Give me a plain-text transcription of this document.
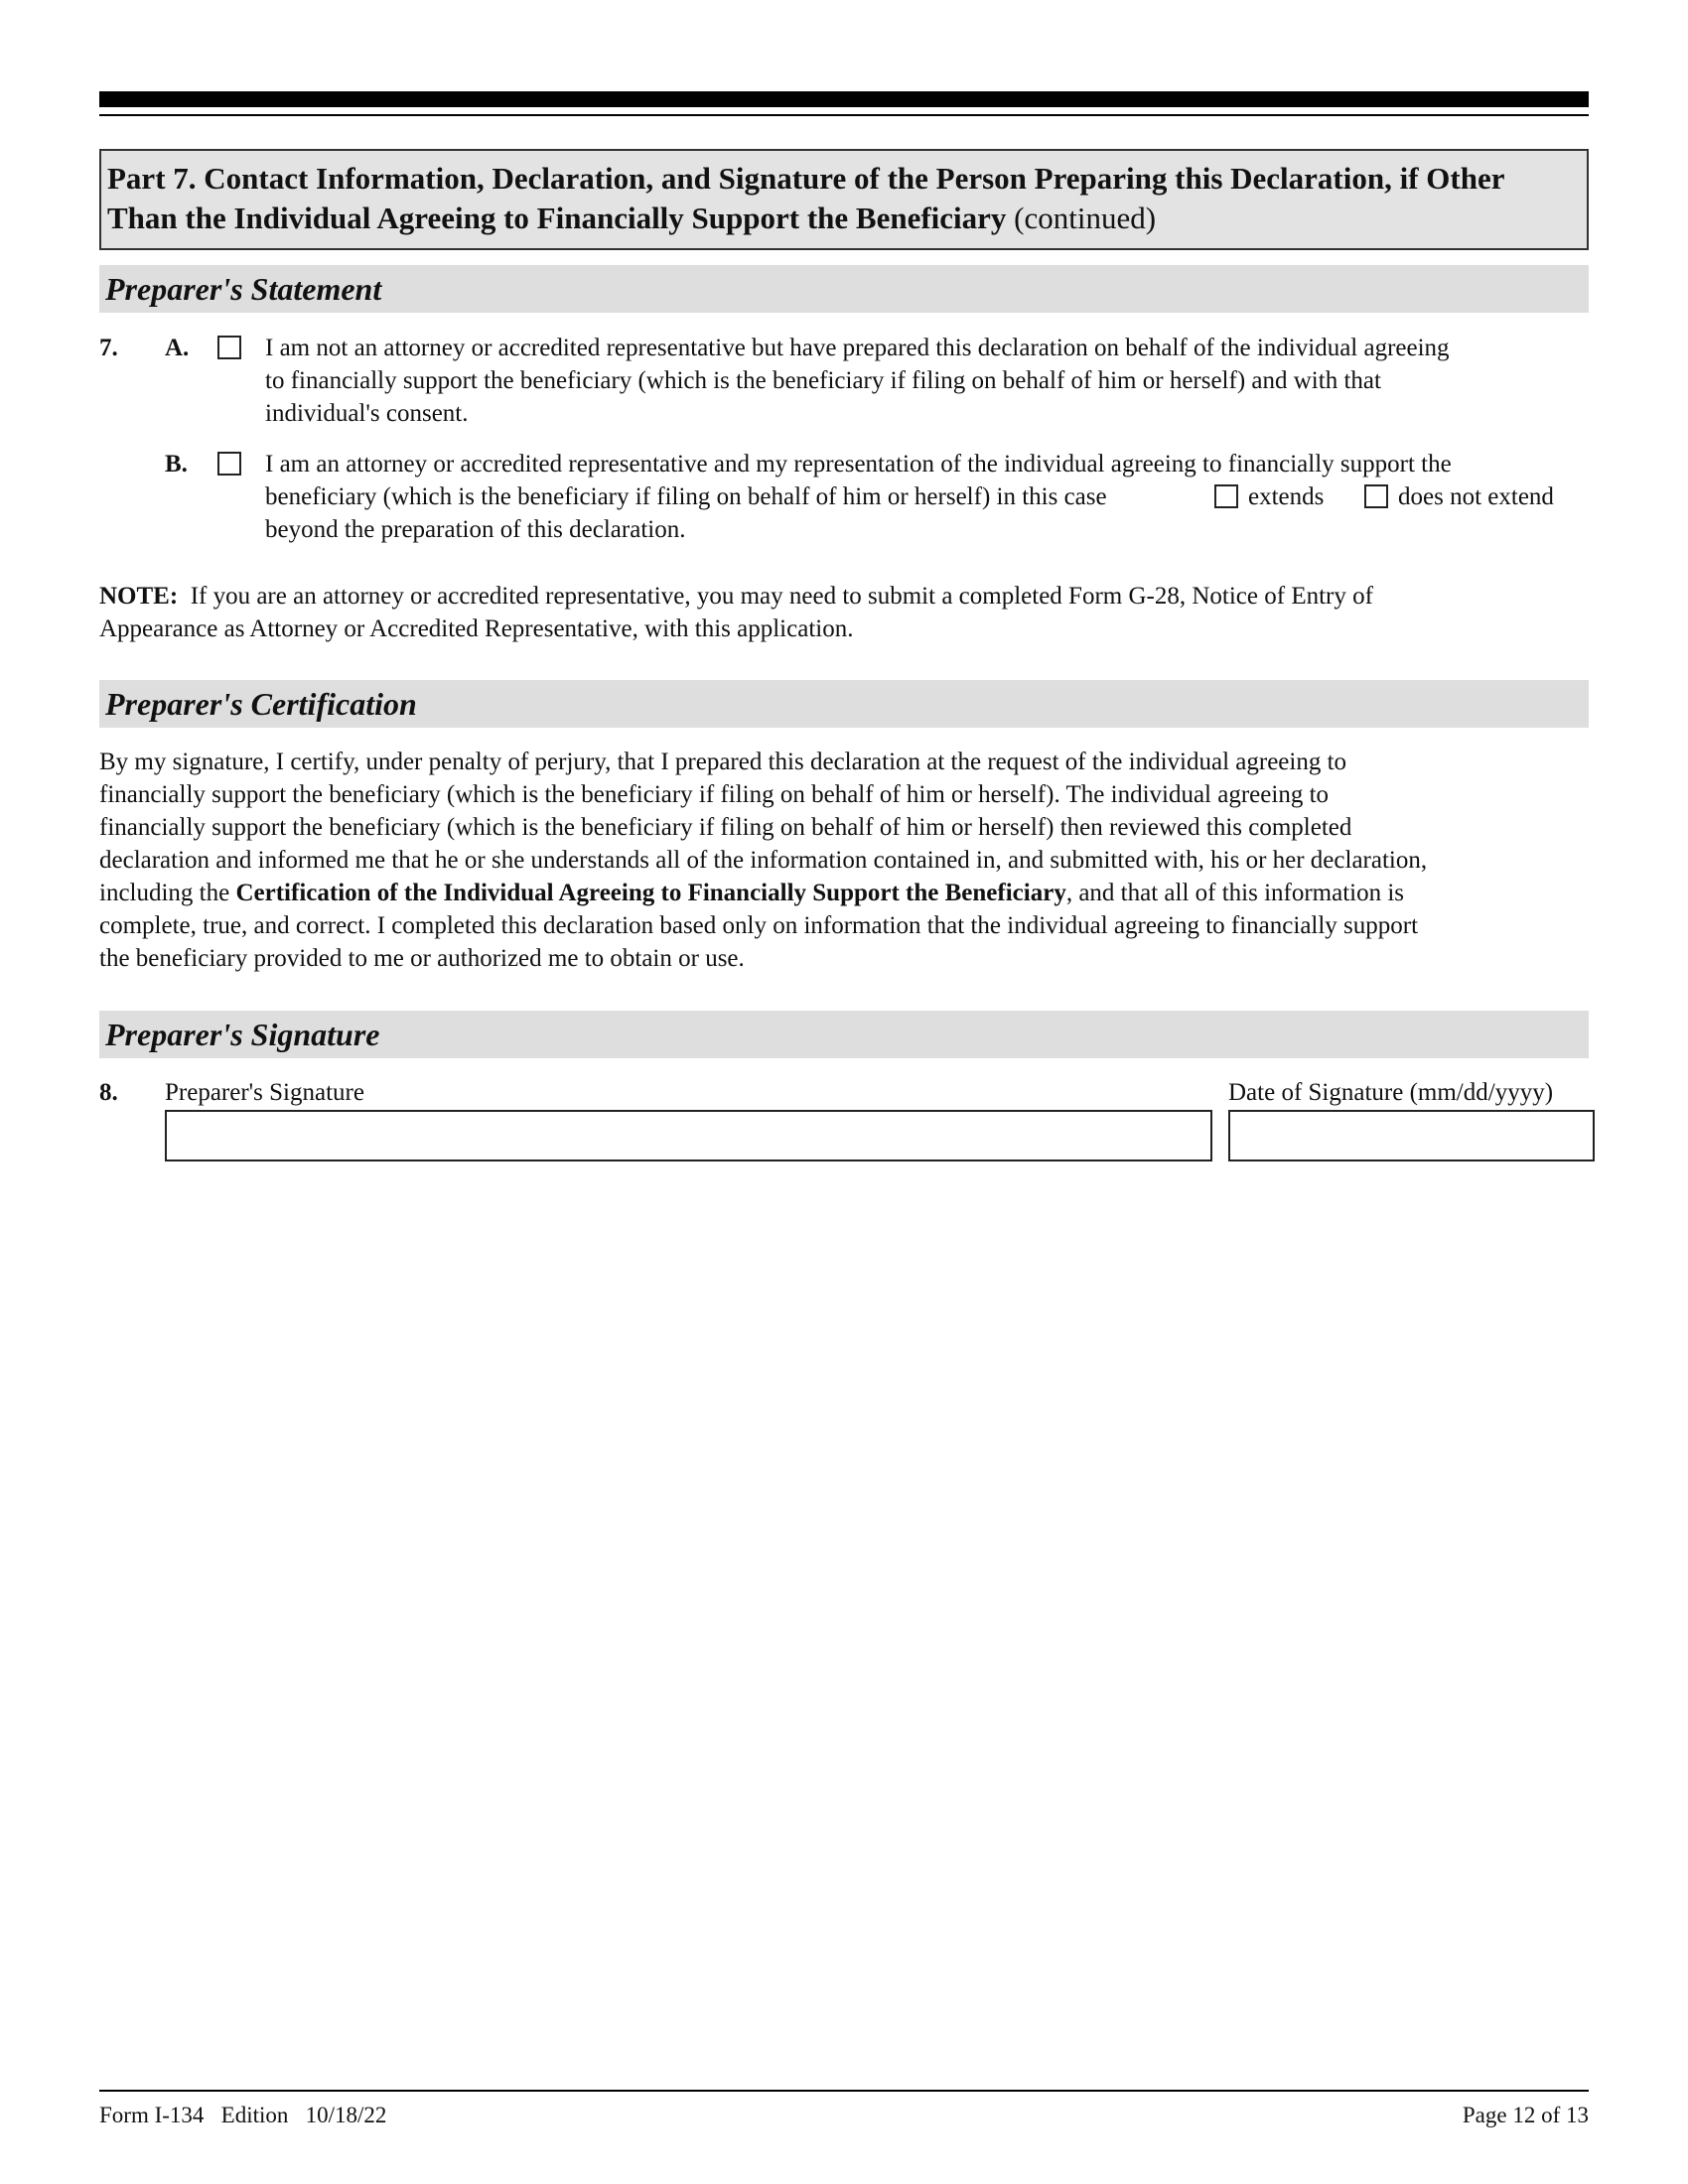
Part 7. Contact Information, Declaration, and Signature of the Person Preparing this Declaration, if Other Than the Individual Agreeing to Financially Support the Beneficiary (continued)
Preparer's Statement
7. A.	I am not an attorney or accredited representative but have prepared this declaration on behalf of the individual agreeing
to financially support the beneficiary (which is the beneficiary if filing on behalf of him or herself) and with that
individual's consent.
B.	I am an attorney or accredited representative and my representation of the individual agreeing to financially support the
beneficiary (which is the beneficiary if filing on behalf of him or herself) in this case	extends	does not extend
beyond the preparation of this declaration.
NOTE: If you are an attorney or accredited representative, you may need to submit a completed Form G-28, Notice of Entry of
Appearance as Attorney or Accredited Representative, with this application.
Preparer's Certification
By my signature, I certify, under penalty of perjury, that I prepared this declaration at the request of the individual agreeing to
financially support the beneficiary (which is the beneficiary if filing on behalf of him or herself). The individual agreeing to
financially support the beneficiary (which is the beneficiary if filing on behalf of him or herself) then reviewed this completed
declaration and informed me that he or she understands all of the information contained in, and submitted with, his or her declaration,
including the Certification of the Individual Agreeing to Financially Support the Beneficiary, and that all of this information is
complete, true, and correct. I completed this declaration based only on information that the individual agreeing to financially support
the beneficiary provided to me or authorized me to obtain or use.
Preparer's Signature
8. Preparer's Signature	Date of Signature (mm/dd/yyyy)
Form I-134   Edition   10/18/22	Page 12 of 13
